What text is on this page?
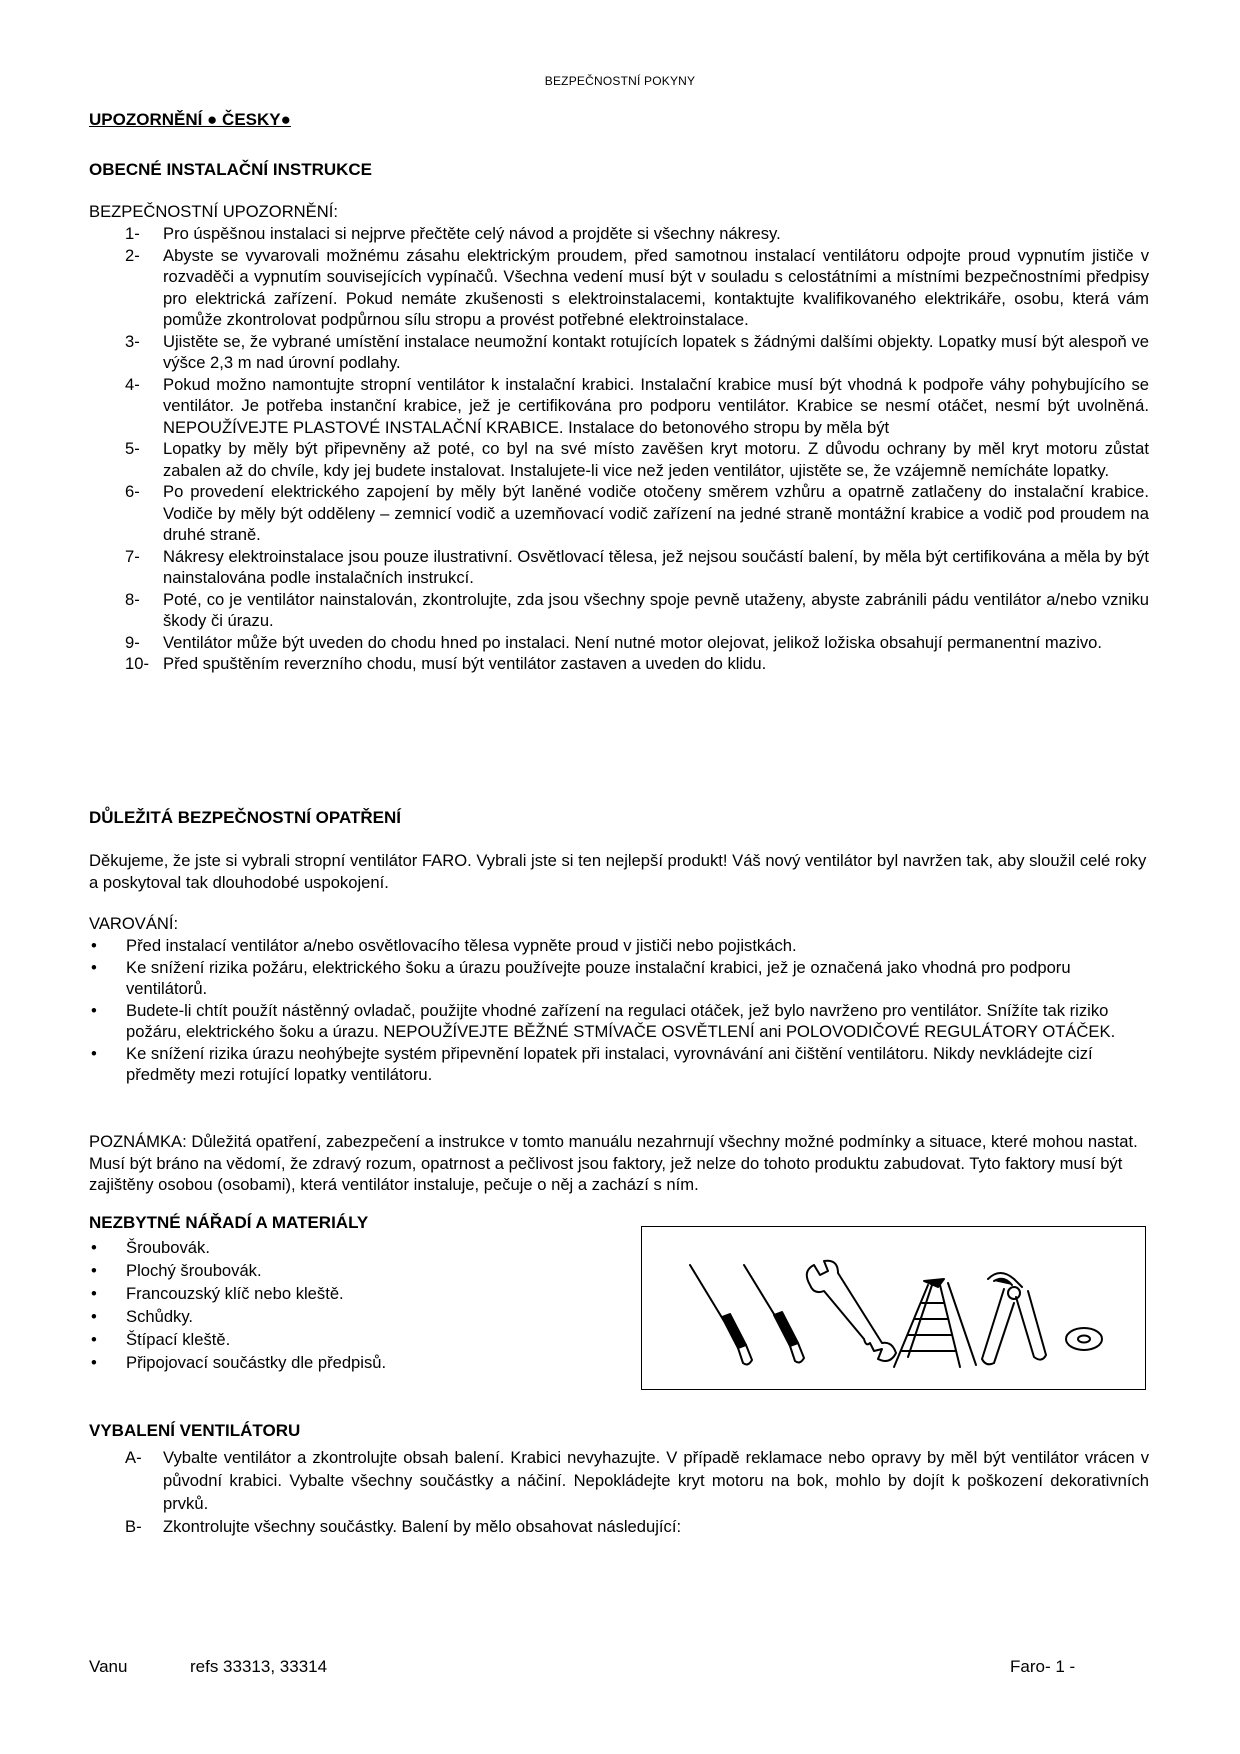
BEZPEČNOSTNÍ POKYNY
UPOZORNĚNÍ ● ČESKY●
OBECNÉ INSTALAČNÍ INSTRUKCE
BEZPEČNOSTNÍ UPOZORNĚNÍ:
1- Pro úspěšnou instalaci si nejprve přečtěte celý návod a projděte si všechny nákresy.
2- Abyste se vyvarovali možnému zásahu elektrickým proudem, před samotnou instalací ventilátoru odpojte proud vypnutím jističe v rozvaděči a vypnutím souvisejících vypínačů. Všechna vedení musí být v souladu s celostátními a místními bezpečnostními předpisy pro elektrická zařízení. Pokud nemáte zkušenosti s elektroinstalacemi, kontaktujte kvalifikovaného elektrikáře, osobu, která vám pomůže zkontrolovat podpůrnou sílu stropu a provést potřebné elektroinstalace.
3- Ujistěte se, že vybrané umístění instalace neumožní kontakt rotujících lopatek s žádnými dalšími objekty. Lopatky musí být alespoň ve výšce 2,3 m nad úrovní podlahy.
4- Pokud možno namontujte stropní ventilátor k instalační krabici. Instalační krabice musí být vhodná k podpoře váhy pohybujícího se ventilátor. Je potřeba instanční krabice, jež je certifikována pro podporu ventilátor. Krabice se nesmí otáčet, nesmí být uvolněná. NEPOUŽÍVEJTE PLASTOVÉ INSTALAČNÍ KRABICE. Instalace do betonového stropu by měla být
5- Lopatky by měly být připevněny až poté, co byl na své místo zavěšen kryt motoru. Z důvodu ochrany by měl kryt motoru zůstat zabalen až do chvíle, kdy jej budete instalovat. Instalujete-li vice než jeden ventilátor, ujistěte se, že vzájemně nemícháte lopatky.
6- Po provedení elektrického zapojení by měly být laněné vodiče otočeny směrem vzhůru a opatrně zatlačeny do instalační krabice. Vodiče by měly být odděleny – zemnicí vodič a uzemňovací vodič zařízení na jedné straně montážní krabice a vodič pod proudem na druhé straně.
7- Nákresy elektroinstalace jsou pouze ilustrativní. Osvětlovací tělesa, jež nejsou součástí balení, by měla být certifikována a měla by být nainstalována podle instalačních instrukcí.
8- Poté, co je ventilátor nainstalován, zkontrolujte, zda jsou všechny spoje pevně utaženy, abyste zabránili pádu ventilátor a/nebo vzniku škody či úrazu.
9- Ventilátor může být uveden do chodu hned po instalaci. Není nutné motor olejovat, jelikož ložiska obsahují permanentní mazivo.
10- Před spuštěním reverzního chodu, musí být ventilátor zastaven a uveden do klidu.
DŮLEŽITÁ BEZPEČNOSTNÍ OPATŘENÍ
Děkujeme, že jste si vybrali stropní ventilátor FARO. Vybrali jste si ten nejlepší produkt! Váš nový ventilátor byl navržen tak, aby sloužil celé roky a poskytoval tak dlouhodobé uspokojení.
VAROVÁNÍ:
• Před instalací ventilátor a/nebo osvětlovacího tělesa vypněte proud v jističi nebo pojistkách.
• Ke snížení rizika požáru, elektrického šoku a úrazu používejte pouze instalační krabici, jež je označená jako vhodná pro podporu ventilátorů.
• Budete-li chtít použít nástěnný ovladač, použijte vhodné zařízení na regulaci otáček, jež bylo navrženo pro ventilátor. Snížíte tak riziko požáru, elektrického šoku a úrazu. NEPOUŽÍVEJTE BĚŽNÉ STMÍVAČE OSVĚTLENÍ ani POLOVODIČOVÉ REGULÁTORY OTÁČEK.
• Ke snížení rizika úrazu neohýbejte systém připevnění lopatek při instalaci, vyrovnávání ani čištění ventilátoru. Nikdy nevkládejte cizí předměty mezi rotující lopatky ventilátoru.
POZNÁMKA: Důležitá opatření, zabezpečení a instrukce v tomto manuálu nezahrnují všechny možné podmínky a situace, které mohou nastat. Musí být bráno na vědomí, že zdravý rozum, opatrnost a pečlivost jsou faktory, jež nelze do tohoto produktu zabudovat. Tyto faktory musí být zajištěny osobou (osobami), která ventilátor instaluje, pečuje o něj a zachází s ním.
NEZBYTNÉ NÁŘADÍ A MATERIÁLY
• Šroubovák.
• Plochý šroubovák.
• Francouzský klíč nebo kleště.
• Schůdky.
• Štípací kleště.
• Připojovací součástky dle předpisů.
VYBALENÍ VENTILÁTORU
A- Vybalte ventilátor a zkontrolujte obsah balení. Krabici nevyhazujte. V případě reklamace nebo opravy by měl být ventilátor vrácen v původní krabici. Vybalte všechny součástky a náčiní. Nepokládejte kryt motoru na bok, mohlo by dojít k poškození dekorativních prvků.
B- Zkontrolujte všechny součástky. Balení by mělo obsahovat následující:
Vanu	refs 33313, 33314	Faro- 1 -
